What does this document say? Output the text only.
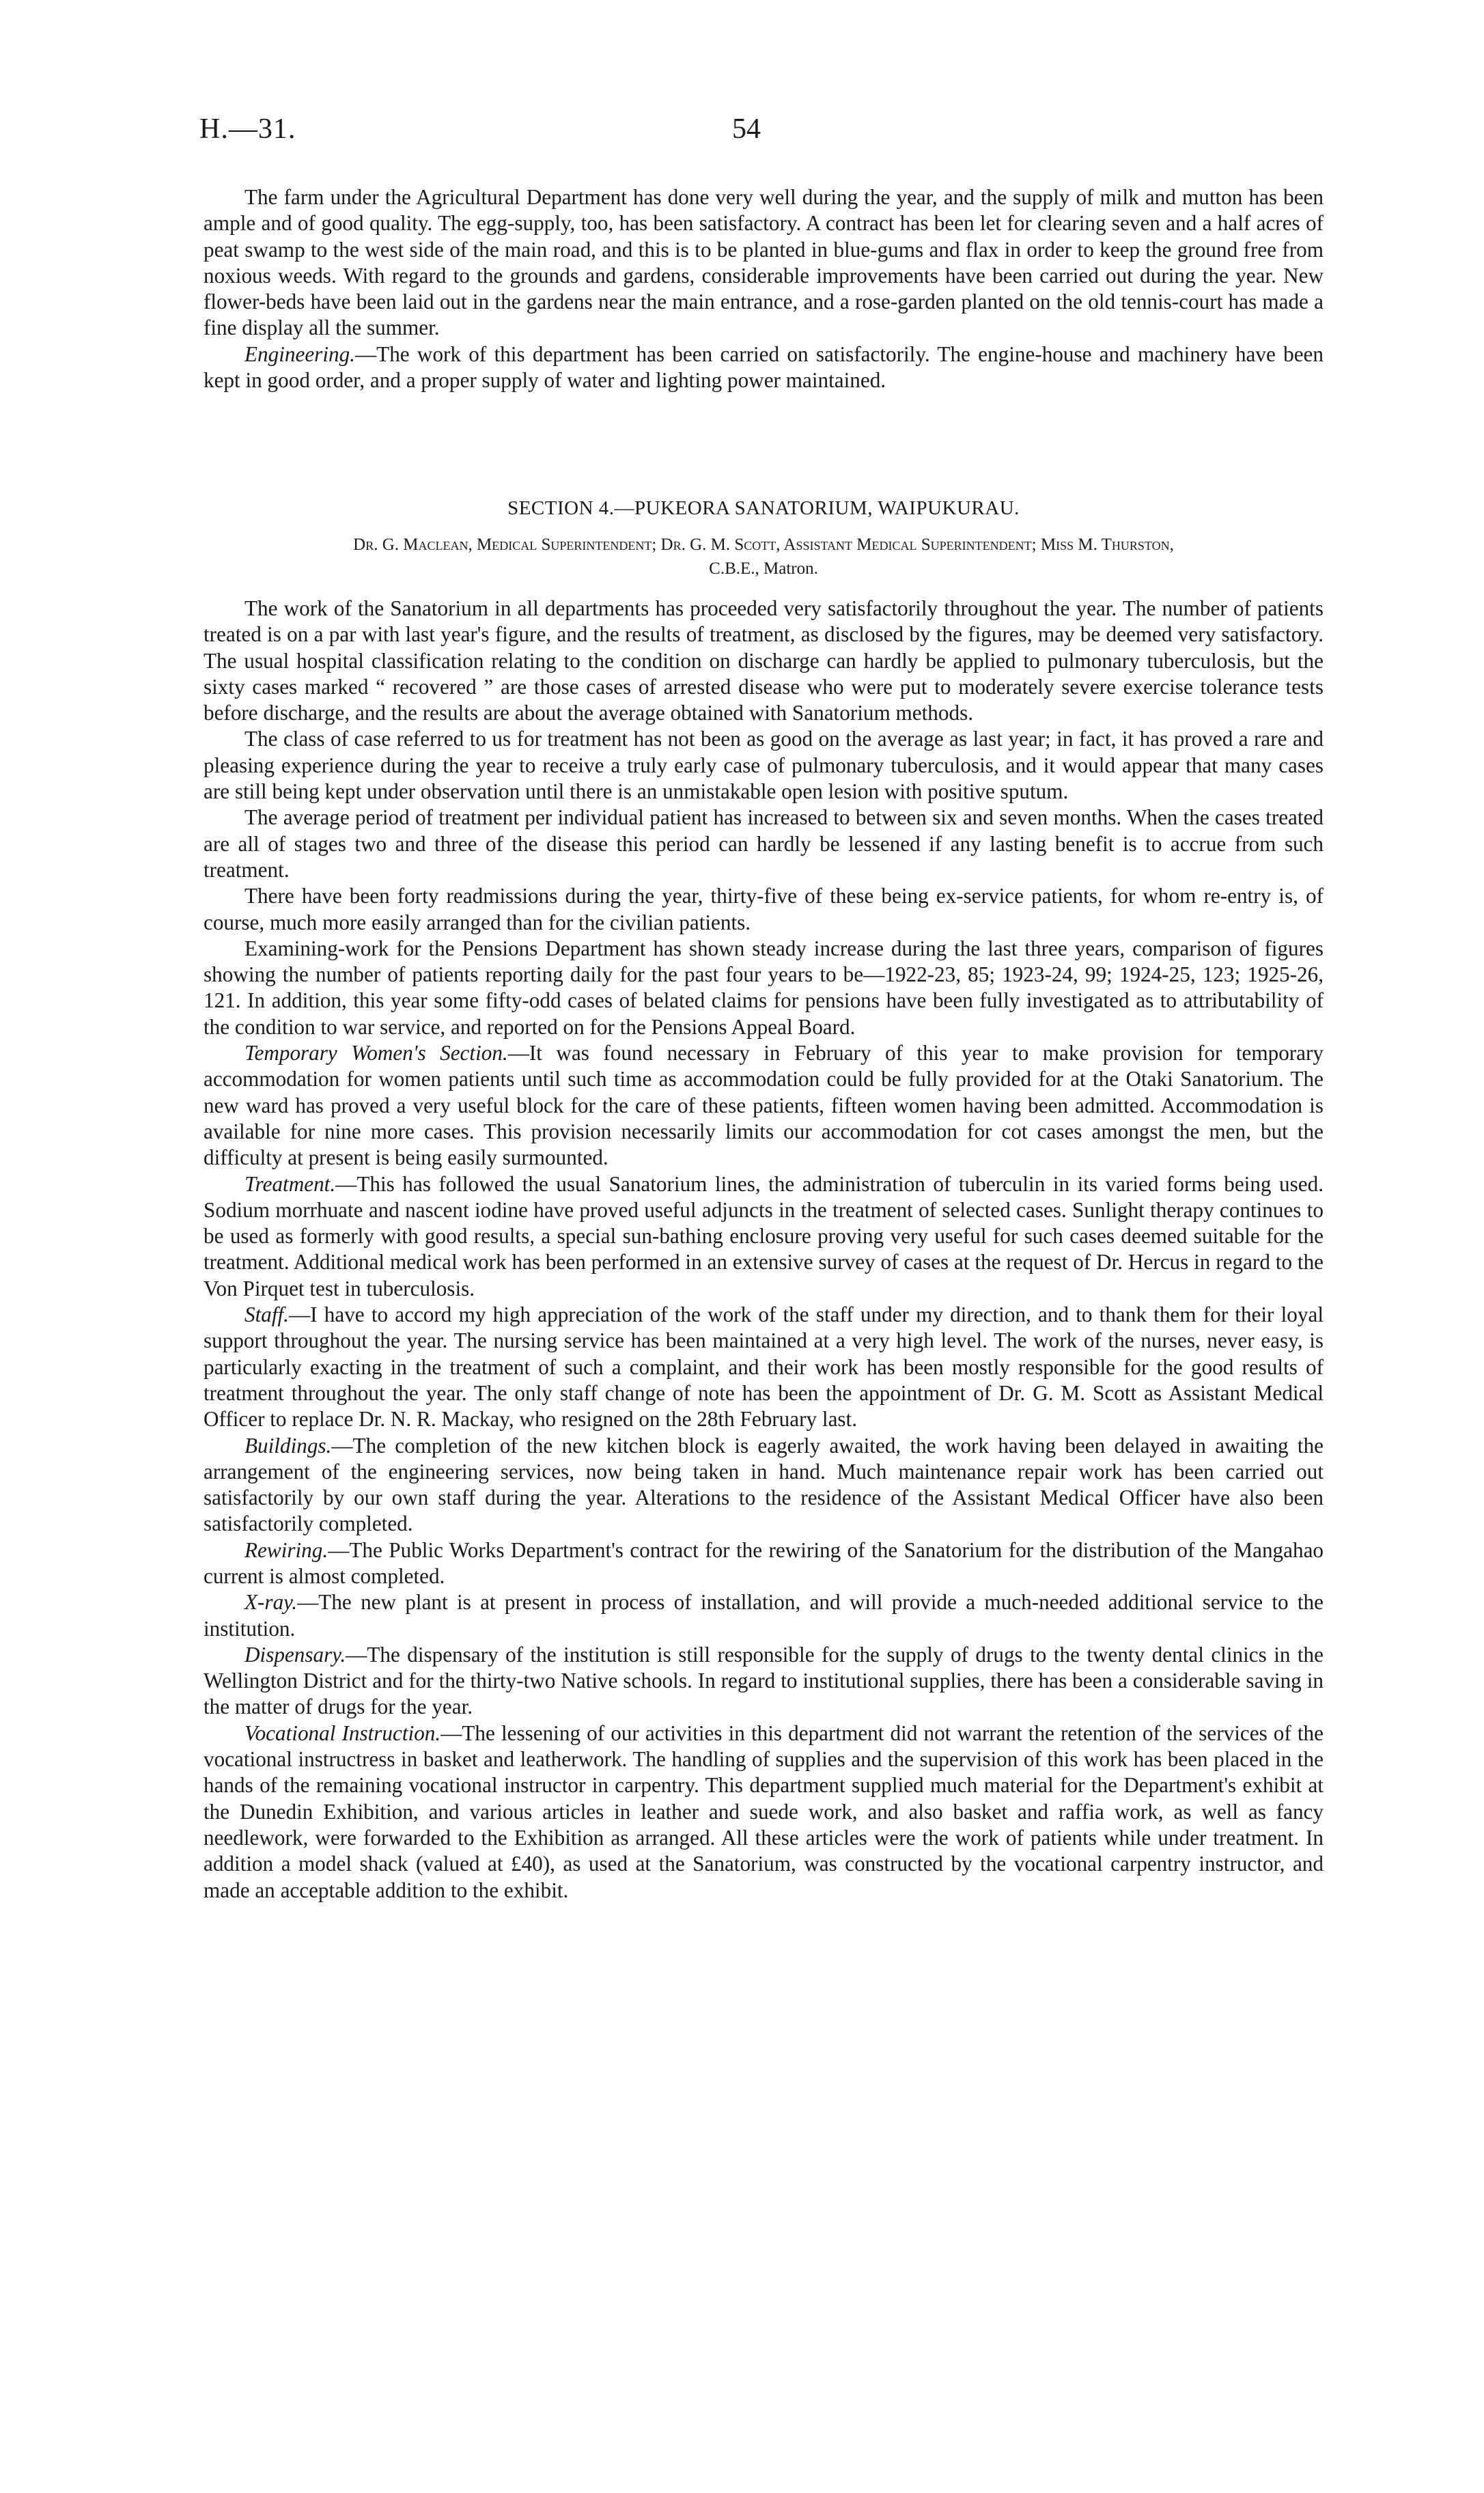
H.—31.	54

The farm under the Agricultural Department has done very well during the year, and the supply of milk and mutton has been ample and of good quality. The egg-supply, too, has been satisfactory. A contract has been let for clearing seven and a half acres of peat swamp to the west side of the main road, and this is to be planted in blue-gums and flax in order to keep the ground free from noxious weeds. With regard to the grounds and gardens, considerable improvements have been carried out during the year. New flower-beds have been laid out in the gardens near the main entrance, and a rose-garden planted on the old tennis-court has made a fine display all the summer.

Engineering.—The work of this department has been carried on satisfactorily. The engine-house and machinery have been kept in good order, and a proper supply of water and lighting power maintained.

SECTION 4.—PUKEORA SANATORIUM, WAIPUKURAU.

Dr. G. Maclean, Medical Superintendent; Dr. G. M. Scott, Assistant Medical Superintendent; Miss M. Thurston,

C.B.E., Matron.

The work of the Sanatorium in all departments has proceeded very satisfactorily throughout the year. The number of patients treated is on a par with last year's figure, and the results of treatment, as disclosed by the figures, may be deemed very satisfactory. The usual hospital classification relating to the condition on discharge can hardly be applied to pulmonary tuberculosis, but the sixty cases marked “ recovered ” are those cases of arrested disease who were put to moderately severe exercise tolerance tests before discharge, and the results are about the average obtained with Sanatorium methods.

The class of case referred to us for treatment has not been as good on the average as last year; in fact, it has proved a rare and pleasing experience during the year to receive a truly early case of pulmonary tuberculosis, and it would appear that many cases are still being kept under observation until there is an unmistakable open lesion with positive sputum.

The average period of treatment per individual patient has increased to between six and seven months. When the cases treated are all of stages two and three of the disease this period can hardly be lessened if any lasting benefit is to accrue from such treatment.

There have been forty readmissions during the year, thirty-five of these being ex-service patients, for whom re-entry is, of course, much more easily arranged than for the civilian patients.

Examining-work for the Pensions Department has shown steady increase during the last three years, comparison of figures showing the number of patients reporting daily for the past four years to be—1922-23, 85; 1923-24, 99; 1924-25, 123; 1925-26, 121. In addition, this year some fifty-odd cases of belated claims for pensions have been fully investigated as to attributability of the condition to war service, and reported on for the Pensions Appeal Board.

Temporary Women's Section.—It was found necessary in February of this year to make provision for temporary accommodation for women patients until such time as accommodation could be fully provided for at the Otaki Sanatorium. The new ward has proved a very useful block for the care of these patients, fifteen women having been admitted. Accommodation is available for nine more cases. This provision necessarily limits our accommodation for cot cases amongst the men, but the difficulty at present is being easily surmounted.

Treatment.—This has followed the usual Sanatorium lines, the administration of tuberculin in its varied forms being used. Sodium morrhuate and nascent iodine have proved useful adjuncts in the treatment of selected cases. Sunlight therapy continues to be used as formerly with good results, a special sun-bathing enclosure proving very useful for such cases deemed suitable for the treatment. Additional medical work has been performed in an extensive survey of cases at the request of Dr. Hercus in regard to the Von Pirquet test in tuberculosis.

Staff.—I have to accord my high appreciation of the work of the staff under my direction, and to thank them for their loyal support throughout the year. The nursing service has been maintained at a very high level. The work of the nurses, never easy, is particularly exacting in the treatment of such a complaint, and their work has been mostly responsible for the good results of treatment throughout the year. The only staff change of note has been the appointment of Dr. G. M. Scott as Assistant Medical Officer to replace Dr. N. R. Mackay, who resigned on the 28th February last.

Buildings.—The completion of the new kitchen block is eagerly awaited, the work having been delayed in awaiting the arrangement of the engineering services, now being taken in hand. Much maintenance repair work has been carried out satisfactorily by our own staff during the year. Alterations to the residence of the Assistant Medical Officer have also been satisfactorily completed.

Rewiring.—The Public Works Department's contract for the rewiring of the Sanatorium for the distribution of the Mangahao current is almost completed.

X-ray.—The new plant is at present in process of installation, and will provide a much-needed additional service to the institution.

Dispensary.—The dispensary of the institution is still responsible for the supply of drugs to the twenty dental clinics in the Wellington District and for the thirty-two Native schools. In regard to institutional supplies, there has been a considerable saving in the matter of drugs for the year.

Vocational Instruction.—The lessening of our activities in this department did not warrant the retention of the services of the vocational instructress in basket and leatherwork. The handling of supplies and the supervision of this work has been placed in the hands of the remaining vocational instructor in carpentry. This department supplied much material for the Department's exhibit at the Dunedin Exhibition, and various articles in leather and suede work, and also basket and raffia work, as well as fancy needlework, were forwarded to the Exhibition as arranged. All these articles were the work of patients while under treatment. In addition a model shack (valued at £40), as used at the Sanatorium, was constructed by the vocational carpentry instructor, and made an acceptable addition to the exhibit.
